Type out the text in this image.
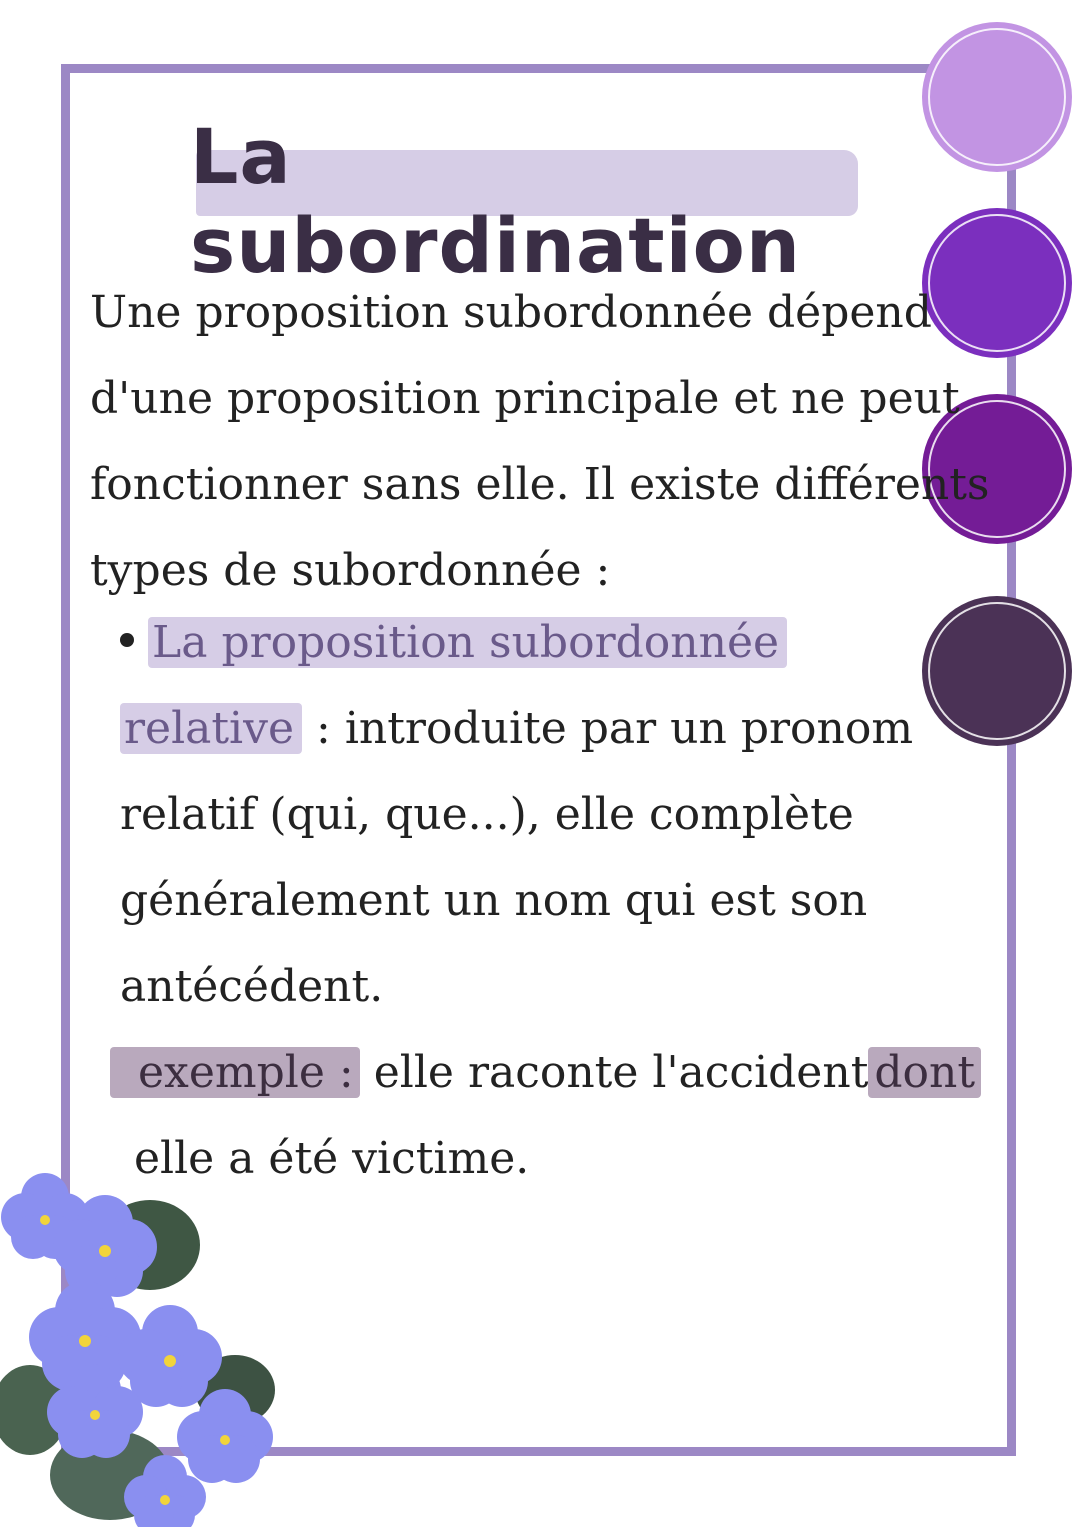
La subordination
Une proposition subordonnée dépend d'une proposition principale et ne peut fonctionner sans elle. Il existe différents types de subordonnée :
La proposition subordonnée
relative : introduite par un pronom relatif (qui, que...), elle complète généralement un nom qui est son antécédent.
exemple : elle raconte l'accident dont
elle a été victime.
